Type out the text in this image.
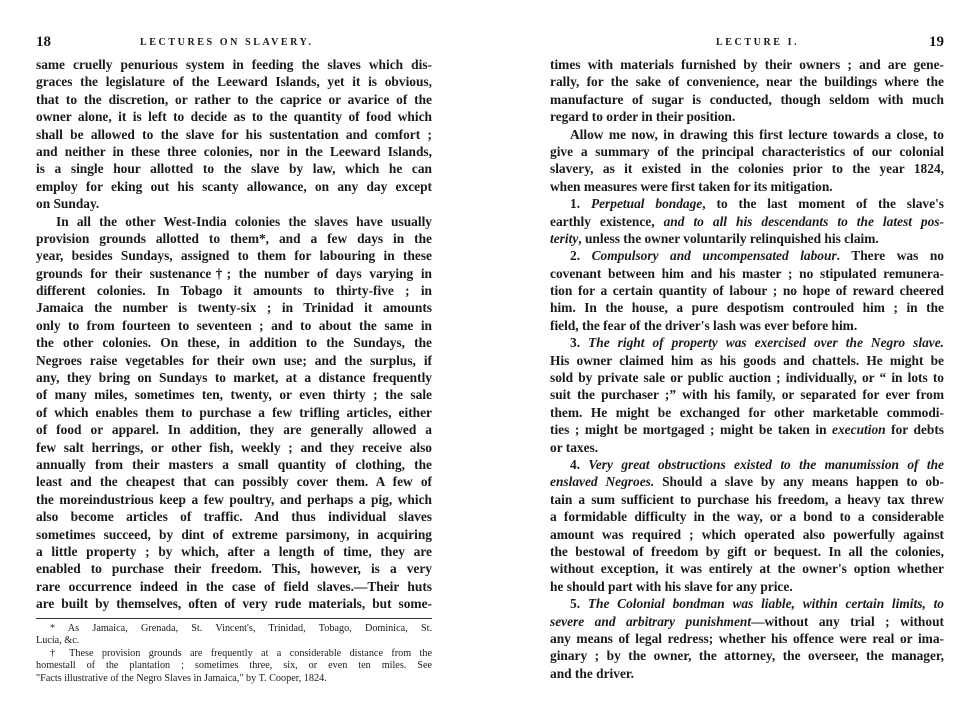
18	LECTURES ON SLAVERY.
same cruelly penurious system in feeding the slaves which dis-
graces the legislature of the Leeward Islands, yet it is obvious,
that to the discretion, or rather to the caprice or avarice of the
owner alone, it is left to decide as to the quantity of food which
shall be allowed to the slave for his sustentation and comfort ;
and neither in these three colonies, nor in the Leeward Islands,
is a single hour allotted to the slave by law, which he can
employ for eking out his scanty allowance, on any day except
on Sunday.
In all the other West-India colonies the slaves have usually
provision grounds allotted to them*, and a few days in the
year, besides Sundays, assigned to them for labouring in these
grounds for their sustenance†; the number of days varying in
different colonies. In Tobago it amounts to thirty-five ; in
Jamaica the number is twenty-six ; in Trinidad it amounts
only to from fourteen to seventeen ; and to about the same in
the other colonies. On these, in addition to the Sundays, the
Negroes raise vegetables for their own use; and the surplus, if
any, they bring on Sundays to market, at a distance frequently
of many miles, sometimes ten, twenty, or even thirty ; the sale
of which enables them to purchase a few trifling articles, either
of food or apparel. In addition, they are generally allowed a
few salt herrings, or other fish, weekly ; and they receive also
annually from their masters a small quantity of clothing, the
least and the cheapest that can possibly cover them. A few of
the moreindustrious keep a few poultry, and perhaps a pig, which
also become articles of traffic. And thus individual slaves
sometimes succeed, by dint of extreme parsimony, in acquiring
a little property ; by which, after a length of time, they are
enabled to purchase their freedom. This, however, is a very
rare occurrence indeed in the case of field slaves.—Their huts
are built by themselves, often of very rude materials, but some-
* As Jamaica, Grenada, St. Vincent's, Trinidad, Tobago, Dominica, St.
Lucia, &c.
† These provision grounds are frequently at a considerable distance from the
homestall of the plantation ; sometimes three, six, or even ten miles. See
"Facts illustrative of the Negro Slaves in Jamaica," by T. Cooper, 1824.
LECTURE I.	19
times with materials furnished by their owners ; and are gene-
rally, for the sake of convenience, near the buildings where the
manufacture of sugar is conducted, though seldom with much
regard to order in their position.
Allow me now, in drawing this first lecture towards a close, to
give a summary of the principal characteristics of our colonial
slavery, as it existed in the colonies prior to the year 1824,
when measures were first taken for its mitigation.
1. Perpetual bondage, to the last moment of the slave's
earthly existence, and to all his descendants to the latest pos-
terity, unless the owner voluntarily relinquished his claim.
2. Compulsory and uncompensated labour. There was no
covenant between him and his master ; no stipulated remunera-
tion for a certain quantity of labour ; no hope of reward cheered
him. In the house, a pure despotism controuled him ; in the
field, the fear of the driver's lash was ever before him.
3. The right of property was exercised over the Negro slave.
His owner claimed him as his goods and chattels. He might be
sold by private sale or public auction ; individually, or “ in lots to
suit the purchaser ;” with his family, or separated for ever from
them. He might be exchanged for other marketable commodi-
ties ; might be mortgaged ; might be taken in execution for debts
or taxes.
4. Very great obstructions existed to the manumission of the
enslaved Negroes. Should a slave by any means happen to ob-
tain a sum sufficient to purchase his freedom, a heavy tax threw
a formidable difficulty in the way, or a bond to a considerable
amount was required ; which operated also powerfully against
the bestowal of freedom by gift or bequest. In all the colonies,
without exception, it was entirely at the owner's option whether
he should part with his slave for any price.
5. The Colonial bondman was liable, within certain limits, to
severe and arbitrary punishment—without any trial ; without
any means of legal redress; whether his offence were real or ima-
ginary ; by the owner, the attorney, the overseer, the manager,
and the driver.
